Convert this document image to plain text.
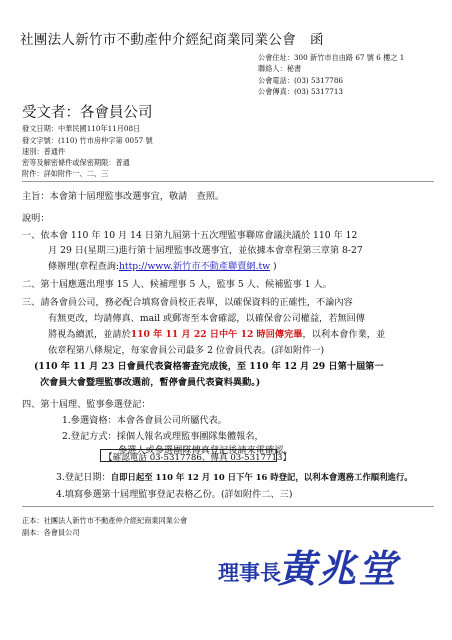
社團法人新竹市不動產仲介經紀商業同業公會 函
公會住址：300 新竹市自由路 67 號 6 樓之 1
聯絡人：秘書
公會電話：(03) 5317786
公會傳真：(03) 5317713
受文者：各會員公司
發文日期：中華民國110年11月08日
發文字號：(110) 竹市房仲字第 0057 號
速別：普通件
密等及解密條件或保密期限：普通
附件：詳如附件一、二、三
主旨：本會第十屆理監事改選事宜，敬請　查照。
說明：
一、依本會 110 年 10 月 14 日第九屆第十五次理監事聯席會議決議於 110 年 12
月 29 日(星期三)進行第十屆理監事改選事宜，並依據本會章程第三章第 8-27
條辦理(章程查詢:http://www.新竹市不動產聯賣網.tw )
二、第十屆應選出理事 15 人、候補理事 5 人，監事 5 人、候補監事 1 人。
三、請各會員公司，務必配合填寫會員校正表單，以確保資料的正確性，不論內容
有無更改，均請傳真、mail 或郵寄至本會確認，以確保會公司權益，若無回傳
將視為續派，並請於110 年 11 月 22 日中午 12 時回傳完畢，以利本會作業，並
依章程第八條規定，每家會員公司最多 2 位會員代表。(詳如附件一)
(110 年 11 月 23 日會員代表資格審查完成後，至 110 年 12 月 29 日第十屆第一
次會員大會暨理監事改選前，暫停會員代表資料異動。)
四、第十屆理、監事參選登記：
1.參選資格：本會各會員公司所屬代表。
2.登記方式：採個人報名或理監事團隊集體報名，
參選人或參選團隊傳真登記後請來電確認。
【確認電話 03-5317786、傳真 03-5317713】
3.登記日期：自即日起至 110 年 12 月 10 日下午 16 時登記，以利本會選務工作順利進行。
4.填寫參選第十屆理監事登記表格乙份。(詳如附件二、三)
正本：社團法人新竹市不動產仲介經紀商業同業公會
副本：各會員公司
理事長
黃兆堂
